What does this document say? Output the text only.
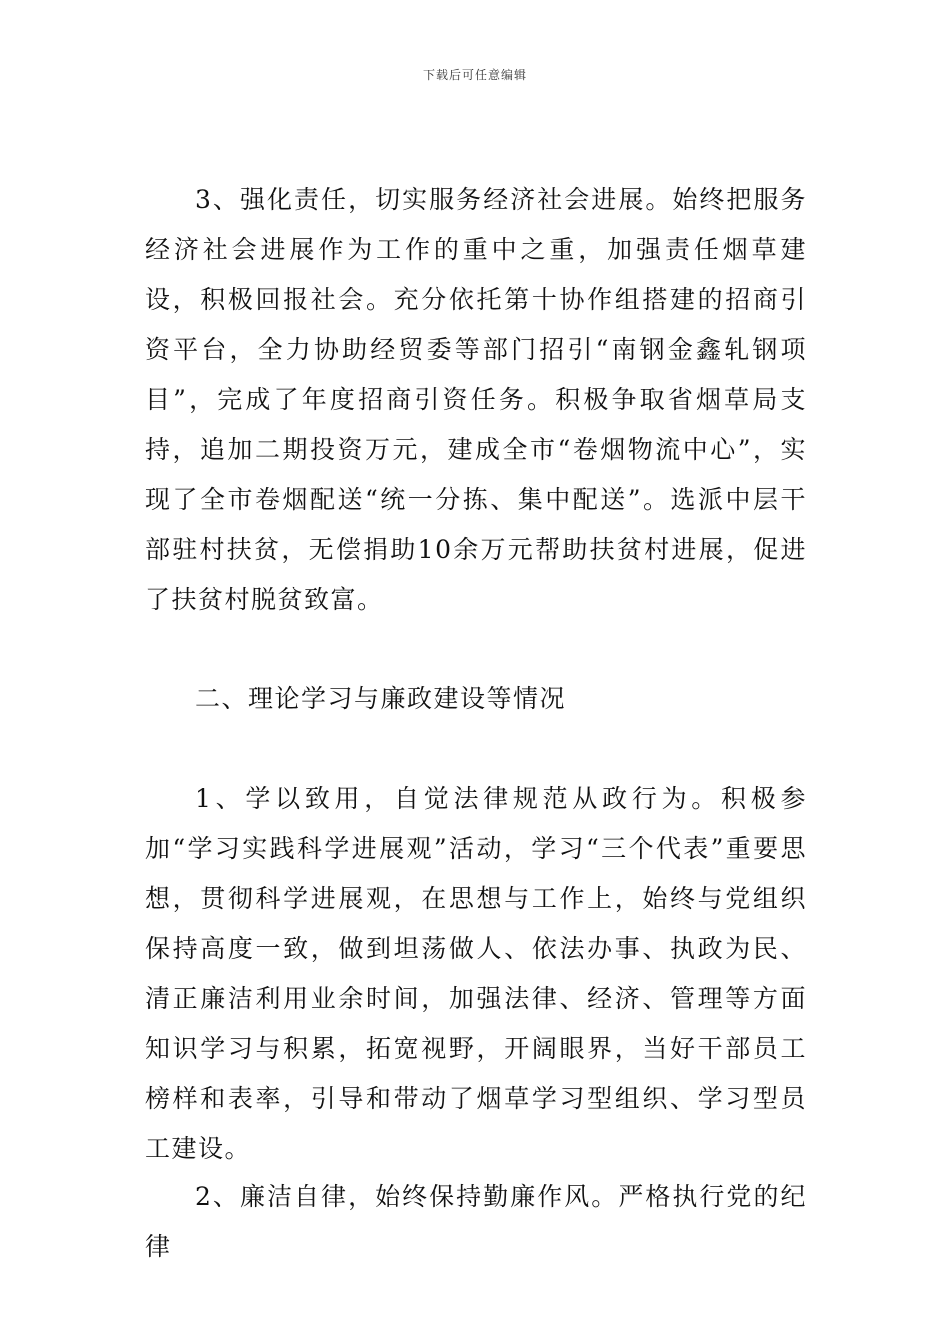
下载后可任意编辑

3、强化责任，切实服务经济社会进展。始终把服务经济社会进展作为工作的重中之重，加强责任烟草建设，积极回报社会。充分依托第十协作组搭建的招商引资平台，全力协助经贸委等部门招引“南钢金鑫轧钢项目”，完成了年度招商引资任务。积极争取省烟草局支持，追加二期投资万元，建成全市“卷烟物流中心”，实现了全市卷烟配送“统一分拣、集中配送”。选派中层干部驻村扶贫，无偿捐助10余万元帮助扶贫村进展，促进了扶贫村脱贫致富。

二、理论学习与廉政建设等情况

1、学以致用，自觉法律规范从政行为。积极参加“学习实践科学进展观”活动，学习“三个代表”重要思想，贯彻科学进展观，在思想与工作上，始终与党组织保持高度一致，做到坦荡做人、依法办事、执政为民、清正廉洁利用业余时间，加强法律、经济、管理等方面知识学习与积累，拓宽视野，开阔眼界，当好干部员工榜样和表率，引导和带动了烟草学习型组织、学习型员工建设。

2、廉洁自律，始终保持勤廉作风。严格执行党的纪律
